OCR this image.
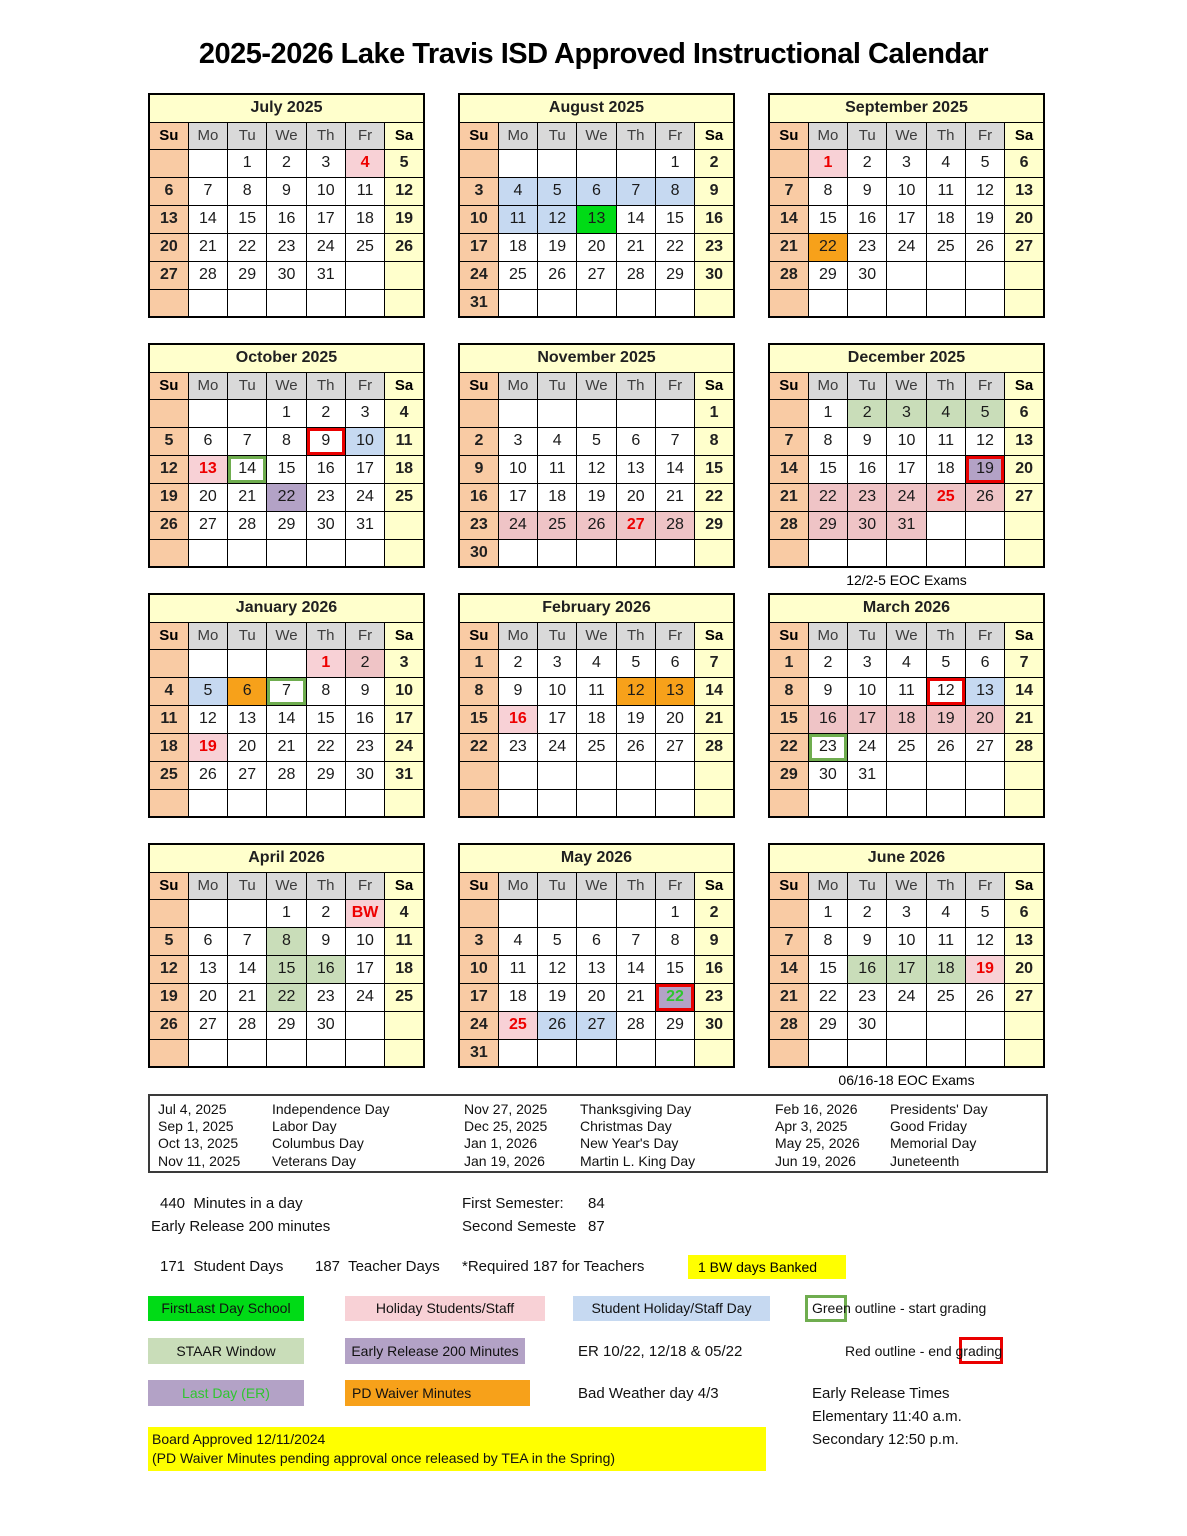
2025-2026 Lake Travis ISD Approved Instructional Calendar
July 2025						
Su	Mo	Tu	We	Th	Fr	Sa
		1	2	3	4	5
6	7	8	9	10	11	12
13	14	15	16	17	18	19
20	21	22	23	24	25	26
27	28	29	30	31		

August 2025						
Su	Mo	Tu	We	Th	Fr	Sa
					1	2
3	4	5	6	7	8	9
10	11	12	13	14	15	16
17	18	19	20	21	22	23
24	25	26	27	28	29	30
31						
September 2025						
Su	Mo	Tu	We	Th	Fr	Sa
	1	2	3	4	5	6
7	8	9	10	11	12	13
14	15	16	17	18	19	20
21	22	23	24	25	26	27
28	29	30				

October 2025						
Su	Mo	Tu	We	Th	Fr	Sa
			1	2	3	4
5	6	7	8	9	10	11
12	13	14	15	16	17	18
19	20	21	22	23	24	25
26	27	28	29	30	31	

November 2025						
Su	Mo	Tu	We	Th	Fr	Sa
						1
2	3	4	5	6	7	8
9	10	11	12	13	14	15
16	17	18	19	20	21	22
23	24	25	26	27	28	29
30						
December 2025						
Su	Mo	Tu	We	Th	Fr	Sa
	1	2	3	4	5	6
7	8	9	10	11	12	13
14	15	16	17	18	19	20
21	22	23	24	25	26	27
28	29	30	31			

12/2-5 EOC Exams
January 2026						
Su	Mo	Tu	We	Th	Fr	Sa
				1	2	3
4	5	6	7	8	9	10
11	12	13	14	15	16	17
18	19	20	21	22	23	24
25	26	27	28	29	30	31

February 2026						
Su	Mo	Tu	We	Th	Fr	Sa
1	2	3	4	5	6	7
8	9	10	11	12	13	14
15	16	17	18	19	20	21
22	23	24	25	26	27	28

March 2026						
Su	Mo	Tu	We	Th	Fr	Sa
1	2	3	4	5	6	7
8	9	10	11	12	13	14
15	16	17	18	19	20	21
22	23	24	25	26	27	28
29	30	31				

April 2026						
Su	Mo	Tu	We	Th	Fr	Sa
			1	2	BW	4
5	6	7	8	9	10	11
12	13	14	15	16	17	18
19	20	21	22	23	24	25
26	27	28	29	30		

May 2026						
Su	Mo	Tu	We	Th	Fr	Sa
					1	2
3	4	5	6	7	8	9
10	11	12	13	14	15	16
17	18	19	20	21	22	23
24	25	26	27	28	29	30
31						
June 2026						
Su	Mo	Tu	We	Th	Fr	Sa
	1	2	3	4	5	6
7	8	9	10	11	12	13
14	15	16	17	18	19	20
21	22	23	24	25	26	27
28	29	30				

06/16-18 EOC Exams
Jul 4, 2025	Independence Day	Nov 27, 2025	Thanksgiving Day	Feb 16, 2026	Presidents' Day
Sep 1, 2025	Labor Day	Dec 25, 2025	Christmas Day	Apr 3, 2025	Good Friday
Oct 13, 2025	Columbus Day	Jan 1, 2026	New Year's Day	May 25, 2026	Memorial Day
Nov 11, 2025	Veterans Day	Jan 19, 2026	Martin L. King Day	Jun 19, 2026	Juneteenth
440  Minutes in a day	First Semester: 84
Early Release 200 minutes	Second Semeste 87
171  Student Days 187  Teacher Days *Required 187 for Teachers	1 BW days Banked
FirstLast Day School	Holiday Students/Staff	Student Holiday/Staff Day	Green outline - start grading
STAAR Window	Early Release 200 Minutes	ER 10/22, 12/18 & 05/22	Red outline - end grading
Last Day (ER)	PD Waiver Minutes	Bad Weather day 4/3	Early Release Times
Elementary 11:40 a.m.
Secondary 12:50 p.m.
Board Approved 12/11/2024
(PD Waiver Minutes pending approval once released by TEA in the Spring)
